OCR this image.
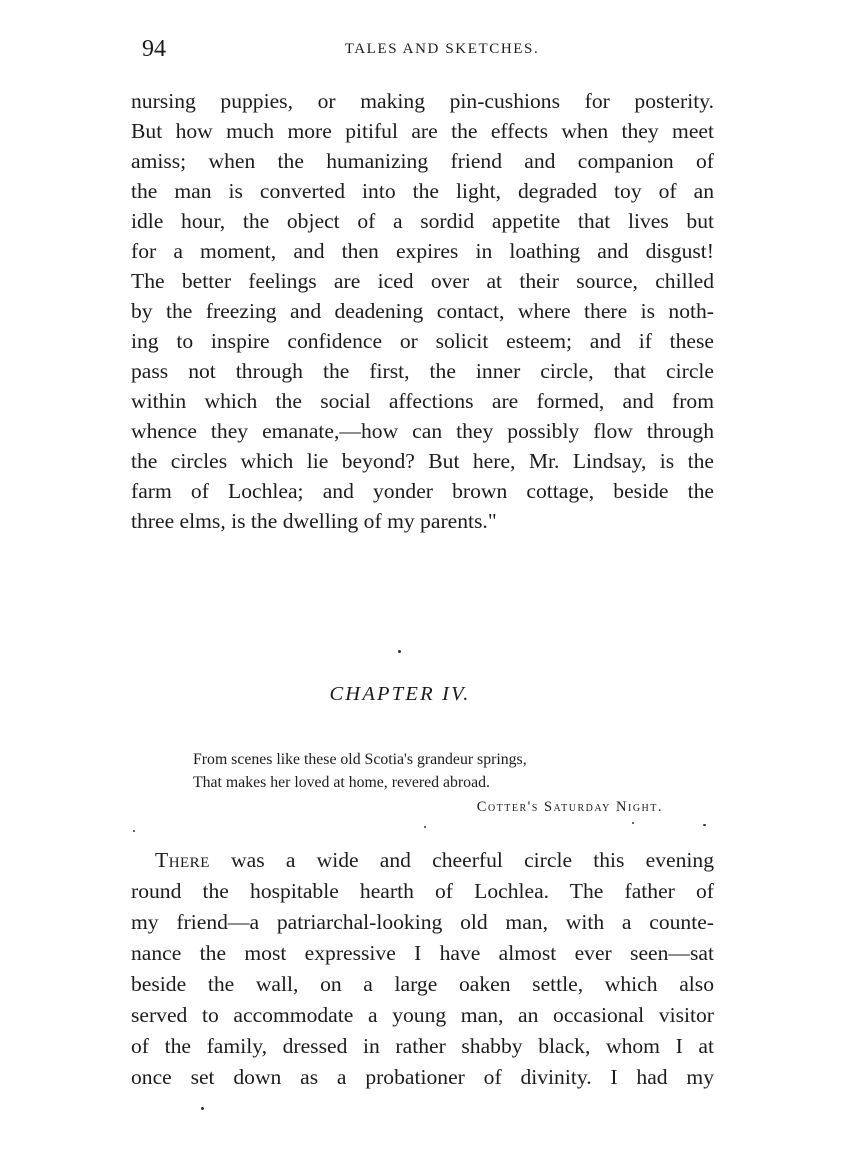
94	TALES AND SKETCHES.
nursing puppies, or making pin-cushions for posterity.
But how much more pitiful are the effects when they meet
amiss; when the humanizing friend and companion of
the man is converted into the light, degraded toy of an
idle hour, the object of a sordid appetite that lives but
for a moment, and then expires in loathing and disgust!
The better feelings are iced over at their source, chilled
by the freezing and deadening contact, where there is noth-
ing to inspire confidence or solicit esteem; and if these
pass not through the first, the inner circle, that circle
within which the social affections are formed, and from
whence they emanate,—how can they possibly flow through
the circles which lie beyond? But here, Mr. Lindsay, is the
farm of Lochlea; and yonder brown cottage, beside the
three elms, is the dwelling of my parents."
CHAPTER IV.
From scenes like these old Scotia's grandeur springs,
That makes her loved at home, revered abroad.
Cotter's Saturday Night.
There was a wide and cheerful circle this evening
round the hospitable hearth of Lochlea. The father of
my friend—a patriarchal-looking old man, with a counte-
nance the most expressive I have almost ever seen—sat
beside the wall, on a large oaken settle, which also
served to accommodate a young man, an occasional visitor
of the family, dressed in rather shabby black, whom I at
once set down as a probationer of divinity. I had my
